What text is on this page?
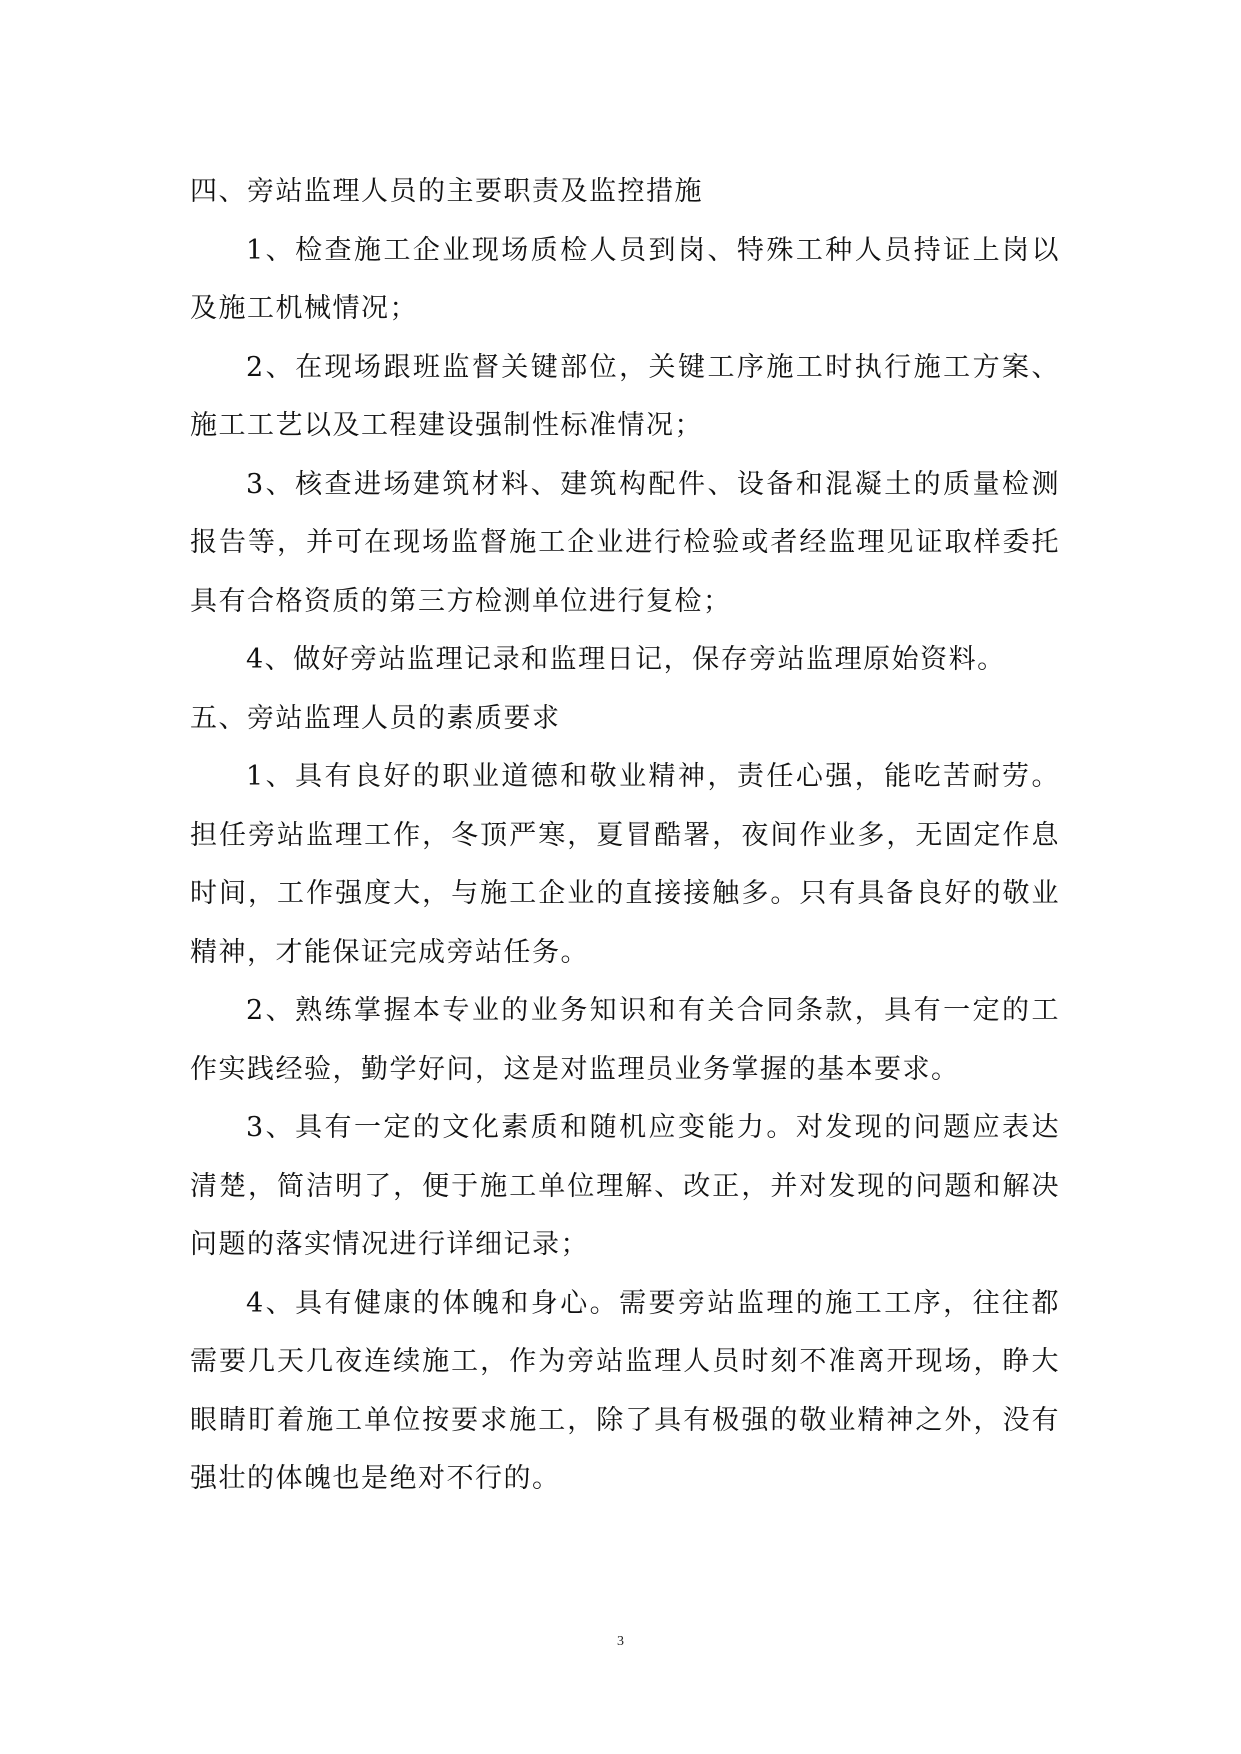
四、旁站监理人员的主要职责及监控措施

1、检查施工企业现场质检人员到岗、特殊工种人员持证上岗以及施工机械情况；

2、在现场跟班监督关键部位，关键工序施工时执行施工方案、施工工艺以及工程建设强制性标准情况；

3、核查进场建筑材料、建筑构配件、设备和混凝土的质量检测报告等，并可在现场监督施工企业进行检验或者经监理见证取样委托具有合格资质的第三方检测单位进行复检；

4、做好旁站监理记录和监理日记，保存旁站监理原始资料。

五、旁站监理人员的素质要求

1、具有良好的职业道德和敬业精神，责任心强，能吃苦耐劳。担任旁站监理工作，冬顶严寒，夏冒酷署，夜间作业多，无固定作息时间，工作强度大，与施工企业的直接接触多。只有具备良好的敬业精神，才能保证完成旁站任务。

2、熟练掌握本专业的业务知识和有关合同条款，具有一定的工作实践经验，勤学好问，这是对监理员业务掌握的基本要求。

3、具有一定的文化素质和随机应变能力。对发现的问题应表达清楚，简洁明了，便于施工单位理解、改正，并对发现的问题和解决问题的落实情况进行详细记录；

4、具有健康的体魄和身心。需要旁站监理的施工工序，往往都需要几天几夜连续施工，作为旁站监理人员时刻不准离开现场，睁大眼睛盯着施工单位按要求施工，除了具有极强的敬业精神之外，没有强壮的体魄也是绝对不行的。

3
